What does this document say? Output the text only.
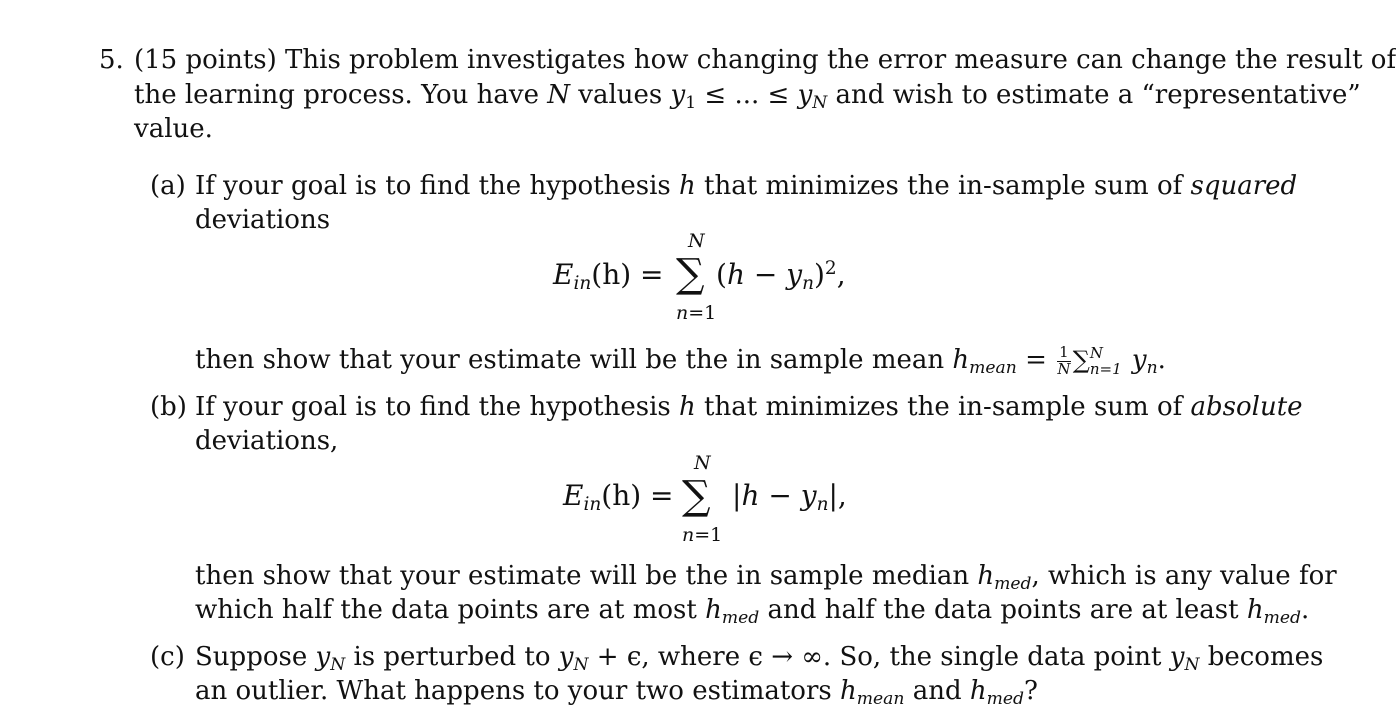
5. (15 points) This problem investigates how changing the error measure can change the result of
the learning process. You have N values $y_1$ ≤ ... ≤ $y_N$ and wish to estimate a “representative”
value.
(a) If your goal is to find the hypothesis h that minimizes the in-sample sum of squared
deviations
$E_{in}(h)$ =
N
∑
n=1
$(h - y_n)^2$,
then show that your estimate will be the in sample mean $h_{mean} = \frac{1}{N}$ ∑ N
n=1 $y_n$.
(b) If your goal is to find the hypothesis h that minimizes the in-sample sum of absolute
deviations,
$E_{in}(h)$ =
N
∑
n=1
$|h - y_n|$,
then show that your estimate will be the in sample median $h_{med}$, which is any value for
which half the data points are at most $h_{med}$ and half the data points are at least $h_{med}$.
(c) Suppose $y_N$ is perturbed to $y_N + \epsilon$, where ϵ → ∞. So, the single data point $y_N$ becomes
an outlier. What happens to your two estimators $h_{mean}$ and $h_{med}$?
